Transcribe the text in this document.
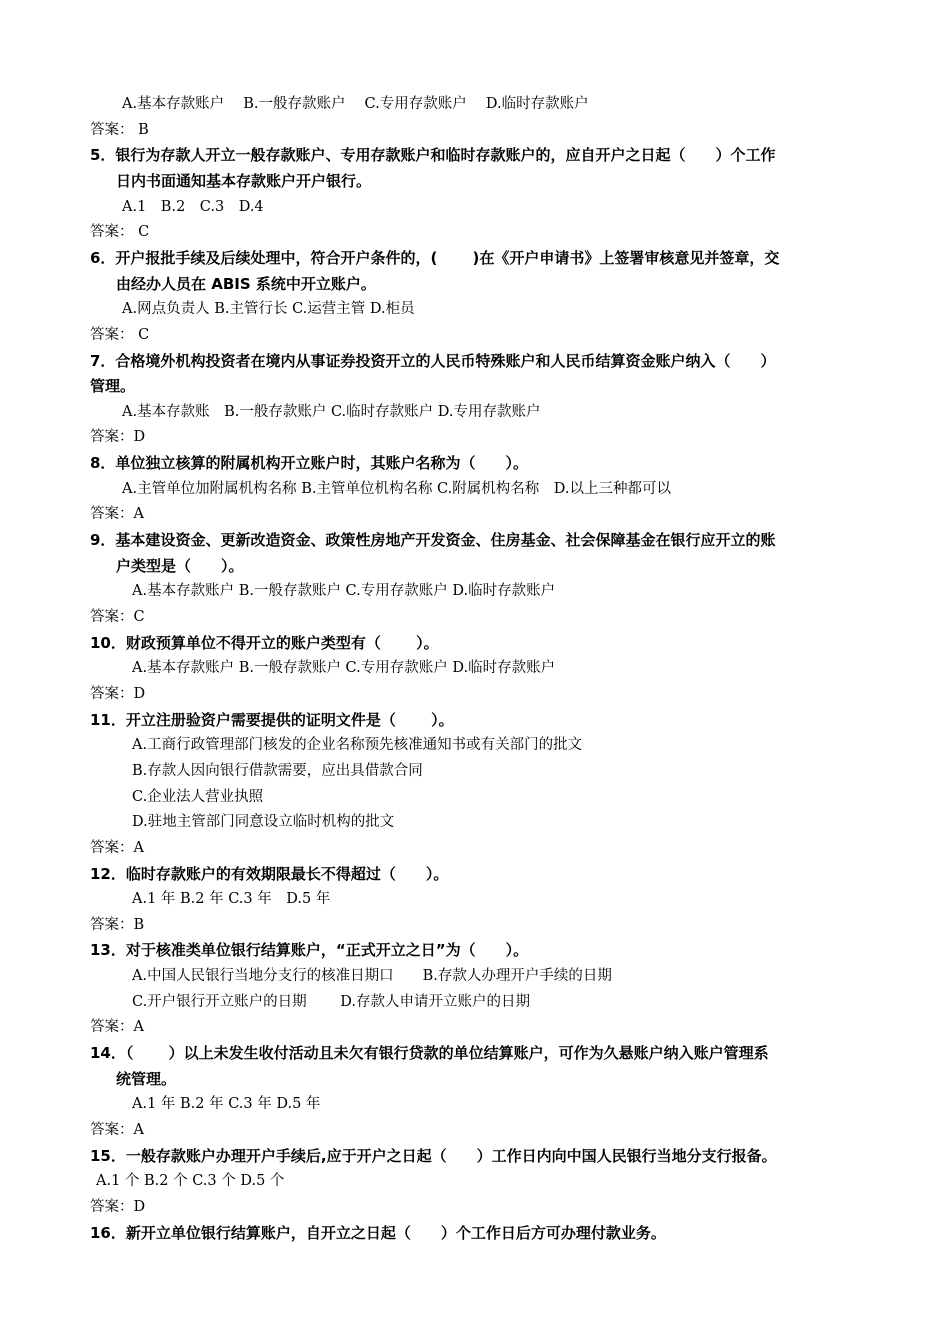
A.基本存款账户　 B.一般存款账户　 C.专用存款账户　 D.临时存款账户
答案： B
5．银行为存款人开立一般存款账户、专用存款账户和临时存款账户的，应自开户之日起（　　）个工作
日内书面通知基本存款账户开户银行。
A.1　B.2　C.3　D.4
答案： C
6．开户报批手续及后续处理中，符合开户条件的，(　　 )在《开户申请书》上签署审核意见并签章，交
由经办人员在 ABIS 系统中开立账户。
A.网点负责人 B.主管行长 C.运营主管 D.柜员
答案： C
7．合格境外机构投资者在境内从事证券投资开立的人民币特殊账户和人民币结算资金账户纳入（　　）
管理。
A.基本存款账　B.一般存款账户 C.临时存款账户 D.专用存款账户
答案：D
8．单位独立核算的附属机构开立账户时，其账户名称为（　　）。
A.主管单位加附属机构名称 B.主管单位机构名称 C.附属机构名称　D.以上三种都可以
答案：A
9．基本建设资金、更新改造资金、政策性房地产开发资金、住房基金、社会保障基金在银行应开立的账
户类型是（　　）。
A.基本存款账户 B.一般存款账户 C.专用存款账户 D.临时存款账户
答案：C
10．财政预算单位不得开立的账户类型有（　　 ）。
A.基本存款账户 B.一般存款账户 C.专用存款账户 D.临时存款账户
答案：D
11．开立注册验资户需要提供的证明文件是（　　 ）。
A.工商行政管理部门核发的企业名称预先核准通知书或有关部门的批文
B.存款人因向银行借款需要，应出具借款合同
C.企业法人营业执照
D.驻地主管部门同意设立临时机构的批文
答案：A
12．临时存款账户的有效期限最长不得超过（　　）。
A.1 年 B.2 年 C.3 年　D.5 年
答案：B
13．对于核准类单位银行结算账户，“正式开立之日”为（　　）。
A.中国人民银行当地分支行的核准日期口　　B.存款人办理开户手续的日期
C.开户银行开立账户的日期　　 D.存款人申请开立账户的日期
答案：A
14．（　　 ）以上未发生收付活动且未欠有银行贷款的单位结算账户，可作为久悬账户纳入账户管理系
统管理。
A.1 年 B.2 年 C.3 年 D.5 年
答案：A
15．一般存款账户办理开户手续后,应于开户之日起（　　）工作日内向中国人民银行当地分支行报备。
A.1 个 B.2 个 C.3 个 D.5 个
答案：D
16．新开立单位银行结算账户，自开立之日起（　　）个工作日后方可办理付款业务。
